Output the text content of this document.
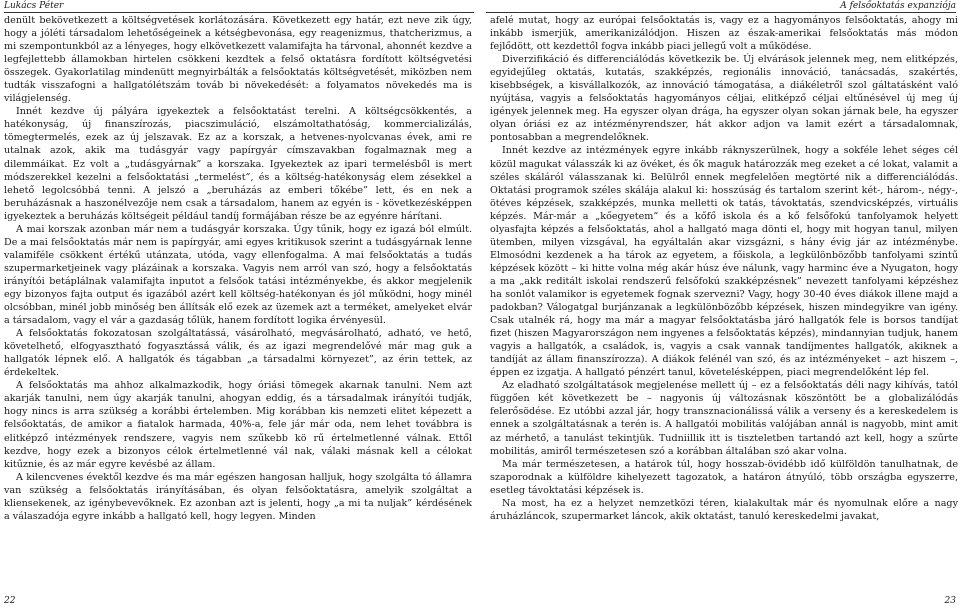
Lukács Péter

denült bekövetkezett a költségvetések korlátozására. Következett egy határ, ezt neve zik úgy, hogy a jóléti társadalom lehetőségeinek a kétségbevonása, egy reagenizmus, thatcherizmus, a mi szempontunkból az a lényeges, hogy elkövetkezett valamifajta ha tárvonal, ahonnét kezdve a legfejlettebb államokban hirtelen csökkeni kezdtek a felső oktatásra fordított költségvetési összegek. Gyakorlatilag mindenütt megnyirbálták a felsőoktatás költségvetését, miközben nem tudták visszafogni a hallgatólétszám továb bi növekedését: a folyamatos növekedés ma is világjelenség.

Innét kezdve új pályára igyekeztek a felsőoktatást terelni. A költségcsökkentés, a hatékonyság, új finanszírozás, piacszimuláció, elszámoltathatóság, kommercializálás, tömegtermelés, ezek az új jelszavak. Ez az a korszak, a hetvenes-nyolcvanas évek, ami re utalnak azok, akik ma tudásgyár vagy papírgyár címszavakban fogalmaznak meg a dilemmáikat. Ez volt a „tudásgyárnak” a korszaka. Igyekeztek az ipari termelésből is mert módszerekkel kezelni a felsőoktatási „termelést”, és a költség-hatékonyság elem zésekkel a lehető legolcsóbbá tenni. A jelszó a „beruházás az emberi tőkébe” lett, és en nek a beruházásnak a haszonélvezője nem csak a társadalom, hanem az egyén is - következésképpen igyekeztek a beruházás költségeit például tandíj formájában része be az egyénre hárítani.

A mai korszak azonban már nem a tudásgyár korszaka. Úgy tűnik, hogy ez igazá ból elmúlt. De a mai felsőoktatás már nem is papírgyár, ami egyes kritikusok szerint a tudásgyárnak lenne valamiféle csökkent értékű utánzata, utóda, vagy ellenfogalma. A mai felsőoktatás a tudás szupermarketjeinek vagy plázáinak a korszaka. Vagyis nem arról van szó, hogy a felsőoktatás irányítói betáplálnak valamifajta inputot a felsőok tatási intézményekbe, és akkor megjelenik egy bizonyos fajta output és igazából azért kell költség-hatékonyan és jól működni, hogy minél olcsóbban, minél jobb minőség ben állítsák elő ezek az üzemek azt a terméket, amelyeket elvár a társadalom, vagy el vár a gazdaság tőlük, hanem fordított logika érvényesül.

A felsőoktatás fokozatosan szolgáltatássá, vásárolható, megvásárolható, adható, ve hető, követelhető, elfogyasztható fogyasztássá válik, és az igazi megrendelővé már mag guk a hallgatók lépnek elő. A hallgatók és tágabban „a társadalmi környezet”, az érin tettek, az érdekeltek.

A felsőoktatás ma ahhoz alkalmazkodik, hogy óriási tömegek akarnak tanulni. Nem azt akarják tanulni, nem úgy akarják tanulni, ahogyan eddig, és a társadalmak irányítói tudják, hogy nincs is arra szükség a korábbi értelemben. Mig korábban kis nemzeti elitet képezett a felsőoktatás, de amikor a fiatalok harmada, 40%-a, fele jár már oda, nem lehet továbbra is elitképző intézmények rendszere, vagyis nem szűkebb kö rű értelmetlenné válnak. Ettől kezdve, hogy ezek a bizonyos célok értelmetlenné vál nak, válaki másnak kell a célokat kitűznie, és az már egyre kevésbé az állam.

A kilencvenes évektől kezdve és ma már egészen hangosan halljuk, hogy szolgálta tó államra van szükség a felsőoktatás irányításában, és olyan felsőoktatásra, amelyik szolgáltat a kliensekenek, az igénybevevőknek. Ez azonban azt is jelenti, hogy „a mi ta nuljak” kérdésének a válaszadója egyre inkább a hallgató kell, hogy legyen. Minden

22
A felsőoktatás expanziója

afelé mutat, hogy az európai felsőoktatás is, vagy ez a hagyományos felsőoktatás, ahogy mi inkább ismerjük, amerikanizálódjon. Hiszen az észak-amerikai felsőoktatás más módon fejlődött, ott kezdettől fogva inkább piaci jellegű volt a működése.

Diverzifikáció és differenciálódás következik be. Új elvárások jelennek meg, nem elitképzés, egyidejűleg oktatás, kutatás, szakképzés, regionális innováció, tanácsadás, szakértés, kisebbségek, a kisvállalkozók, az innováció támogatása, a diákéletről szol gáltatásként való nyújtása, vagyis a felsőoktatás hagyományos céljai, elitképző céljai eltűnésével új meg új igények jelennek meg. Ha egyszer olyan drága, ha egyszer olyan sokan járnak bele, ha egyszer olyan óriási ez az intézményrendszer, hát akkor adjon va lamit ezért a társadalomnak, pontosabban a megrendelőknek.

Innét kezdve az intézmények egyre inkább ráknyszerülnek, hogy a sokféle lehet séges cél közül magukat válasszák ki az övéket, és ők maguk határozzák meg ezeket a cé lokat, valamit a széles skáláról válasszanak ki. Belülről ennek megfelelően megtörté nik a differenciálódás. Oktatási programok széles skálája alakul ki: hosszúság és tartalom szerint két-, három-, négy-, ötéves képzések, szakképzés, munka melletti ok tatás, távoktatás, szendvicsképzés, virtuális képzés. Már-már a „kőegyetem” és a kőfő iskola és a kő felsőfokú tanfolyamok helyett olyasfajta képzés a felsőoktatás, ahol a hallgató maga dönti el, hogy mit hogyan tanul, milyen ütemben, milyen vizsgával, ha egyáltalán akar vizsgázni, s hány évig jár az intézménybe. Elmosódni kezdenek a ha tárok az egyetem, a főiskola, a legkülönbözőbb tanfolyami szintű képzések között – ki hitte volna még akár húsz éve nálunk, vagy harminc éve a Nyugaton, hogy a ma „akk reditált iskolai rendszerű felsőfokú szakképzésnek” nevezett tanfolyami képzéshez ha sonlót valamikor is egyetemek fognak szervezni? Vagy, hogy 30-40 éves diákok illene majd a padokban? Válogatgal burjánzanak a legkülönbözőbb képzések, hiszen mindegyikre van igény. Csak utalnék rá, hogy ma már a magyar felsőoktatásba járó hallgatók fele is borsos tandíjat fizet (hiszen Magyarországon nem ingyenes a felsőoktatás képzés), mindannyian tudjuk, hanem vagyis a hallgatók, a családok, is, vagyis a csak vannak tandíjmentes hallgatók, akiknek a tandíját az állam finanszírozza). A diákok felénél van szó, és az intézményeket – azt hiszem –, éppen ez izgatja. A hallgató pénzért tanul, követelésképpen, piaci megrendelőként lép fel.

Az eladható szolgáltatások megjelenése mellett új – ez a felsőoktatás déli nagy kihívás, tatól függően két következett be – nagyonis új változásnak köszöntött be a globalizálódás felerősödése. Ez utóbbi azzal jár, hogy transznacionálissá válik a verseny és a kereskedelem is ennek a szolgáltatásnak a terén is. A hallgatói mobilitás valójában annál is nagyobb, mint amit az mérhető, a tanulást tekintjük. Tudniillik itt is tiszteletben tartandó azt kell, hogy a szűrte mobilitás, amiről természetesen szó a korábban általában szó akar volna.

Ma már természetesen, a határok túl, hogy hosszab-övidébb idő külföldön tanulhatnak, de szaporodnak a külföldre kihelyezett tagozatok, a határon átnyúló, több országba egyszerre, esetleg távoktatási képzések is.

Na most, ha ez a helyzet nemzetközi téren, kialakultak már és nyomulnak előre a nagy áruházláncok, szupermarket láncok, akik oktatást, tanuló kereskedelmi javakat,

23
